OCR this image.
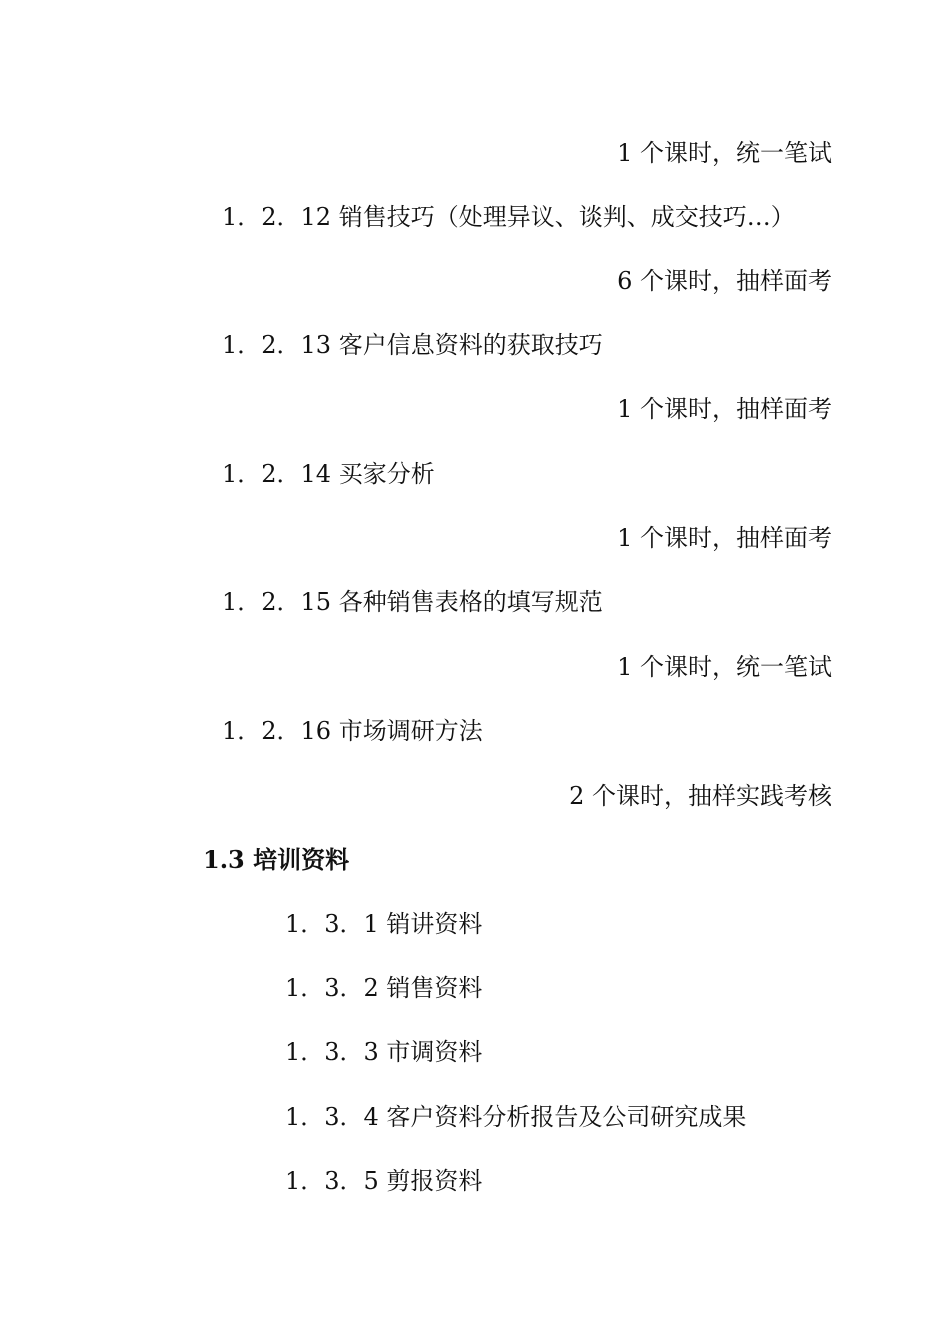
1 个课时，统一笔试
1．2．12 销售技巧（处理异议、谈判、成交技巧…）
6 个课时，抽样面考
1．2．13 客户信息资料的获取技巧
1 个课时，抽样面考
1．2．14 买家分析
1 个课时，抽样面考
1．2．15 各种销售表格的填写规范
1 个课时，统一笔试
1．2．16 市场调研方法
2 个课时，抽样实践考核
1.3 培训资料
1．3．1 销讲资料
1．3．2 销售资料
1．3．3 市调资料
1．3．4 客户资料分析报告及公司研究成果
1．3．5 剪报资料
